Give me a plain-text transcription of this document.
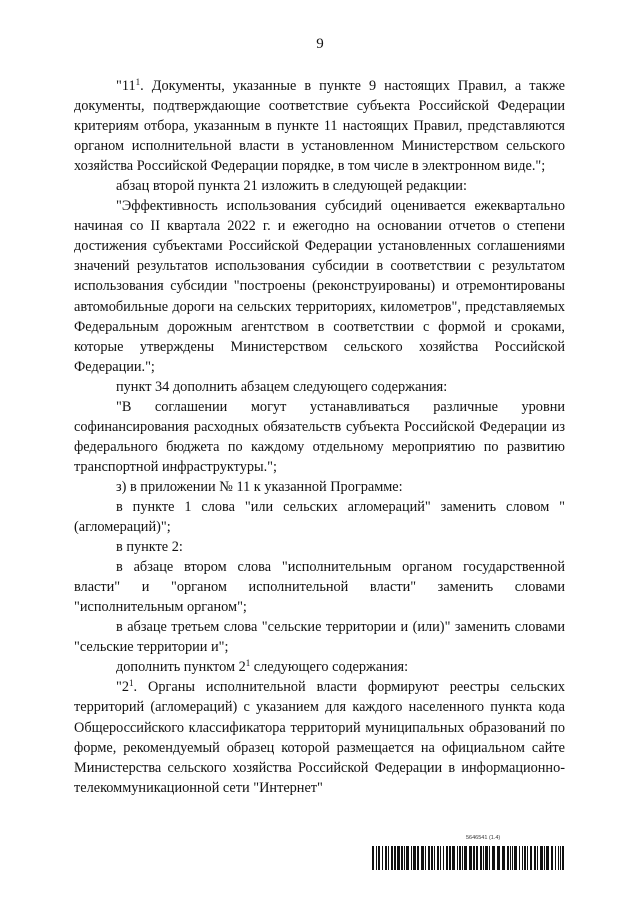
9

"$11^1$. Документы, указанные в пункте 9 настоящих Правил, а также документы, подтверждающие соответствие субъекта Российской Федерации критериям отбора, указанным в пункте 11 настоящих Правил, представляются органом исполнительной власти в установленном Министерством сельского хозяйства Российской Федерации порядке, в том числе в электронном виде.";

абзац второй пункта 21 изложить в следующей редакции:

"Эффективность использования субсидий оценивается ежеквартально начиная со II квартала 2022 г. и ежегодно на основании отчетов о степени достижения субъектами Российской Федерации установленных соглашениями значений результатов использования субсидии в соответствии с результатом использования субсидии "построены (реконструированы) и отремонтированы автомобильные дороги на сельских территориях, километров", представляемых Федеральным дорожным агентством в соответствии с формой и сроками, которые утверждены Министерством сельского хозяйства Российской Федерации.";

пункт 34 дополнить абзацем следующего содержания:

"В соглашении могут устанавливаться различные уровни софинансирования расходных обязательств субъекта Российской Федерации из федерального бюджета по каждому отдельному мероприятию по развитию транспортной инфраструктуры.";

з) в приложении № 11 к указанной Программе:

в пункте 1 слова "или сельских агломераций" заменить словом "(агломераций)";

в пункте 2:

в абзаце втором слова "исполнительным органом государственной власти" и "органом исполнительной власти" заменить словами "исполнительным органом";

в абзаце третьем слова "сельские территории и (или)" заменить словами "сельские территории и";

дополнить пунктом $2^1$ следующего содержания:

"$2^1$. Органы исполнительной власти формируют реестры сельских территорий (агломераций) с указанием для каждого населенного пункта кода Общероссийского классификатора территорий муниципальных образований по форме, рекомендуемый образец которой размещается на официальном сайте Министерства сельского хозяйства Российской Федерации в информационно-телекоммуникационной сети "Интернет"

5646541 (1.4)
